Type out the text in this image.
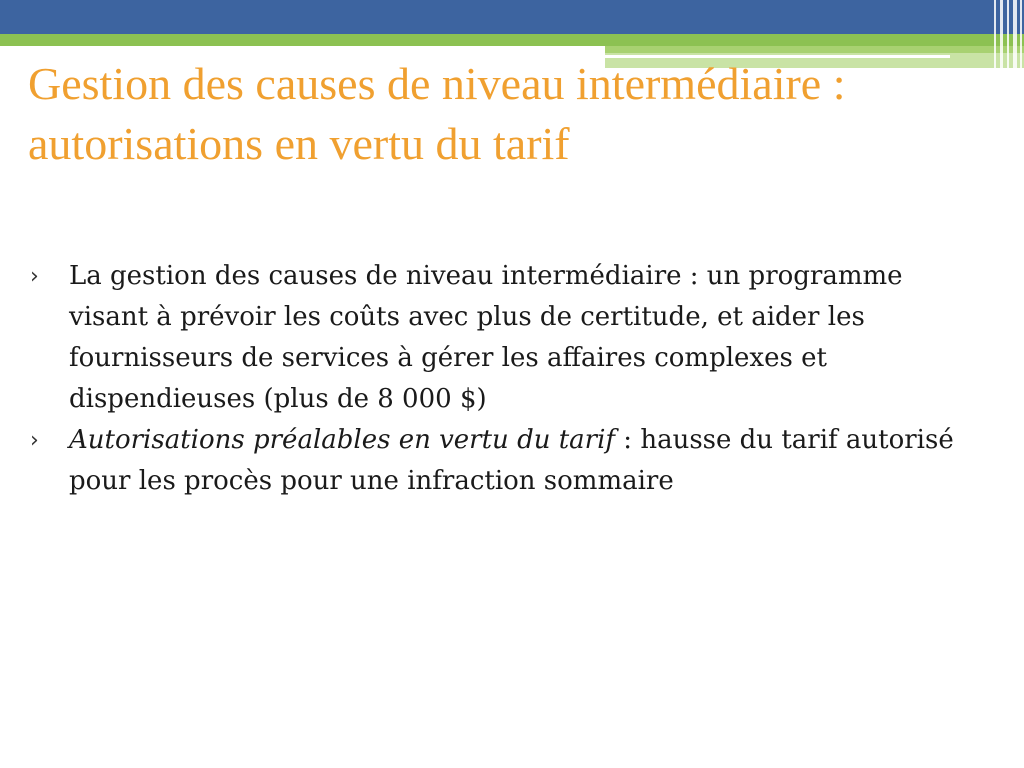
Gestion des causes de niveau intermédiaire : autorisations en vertu du tarif
› La gestion des causes de niveau intermédiaire : un programme visant à prévoir les coûts avec plus de certitude, et aider les fournisseurs de services à gérer les affaires complexes et dispendieuses (plus de 8 000 $)
› Autorisations préalables en vertu du tarif : hausse du tarif autorisé pour les procès pour une infraction sommaire
